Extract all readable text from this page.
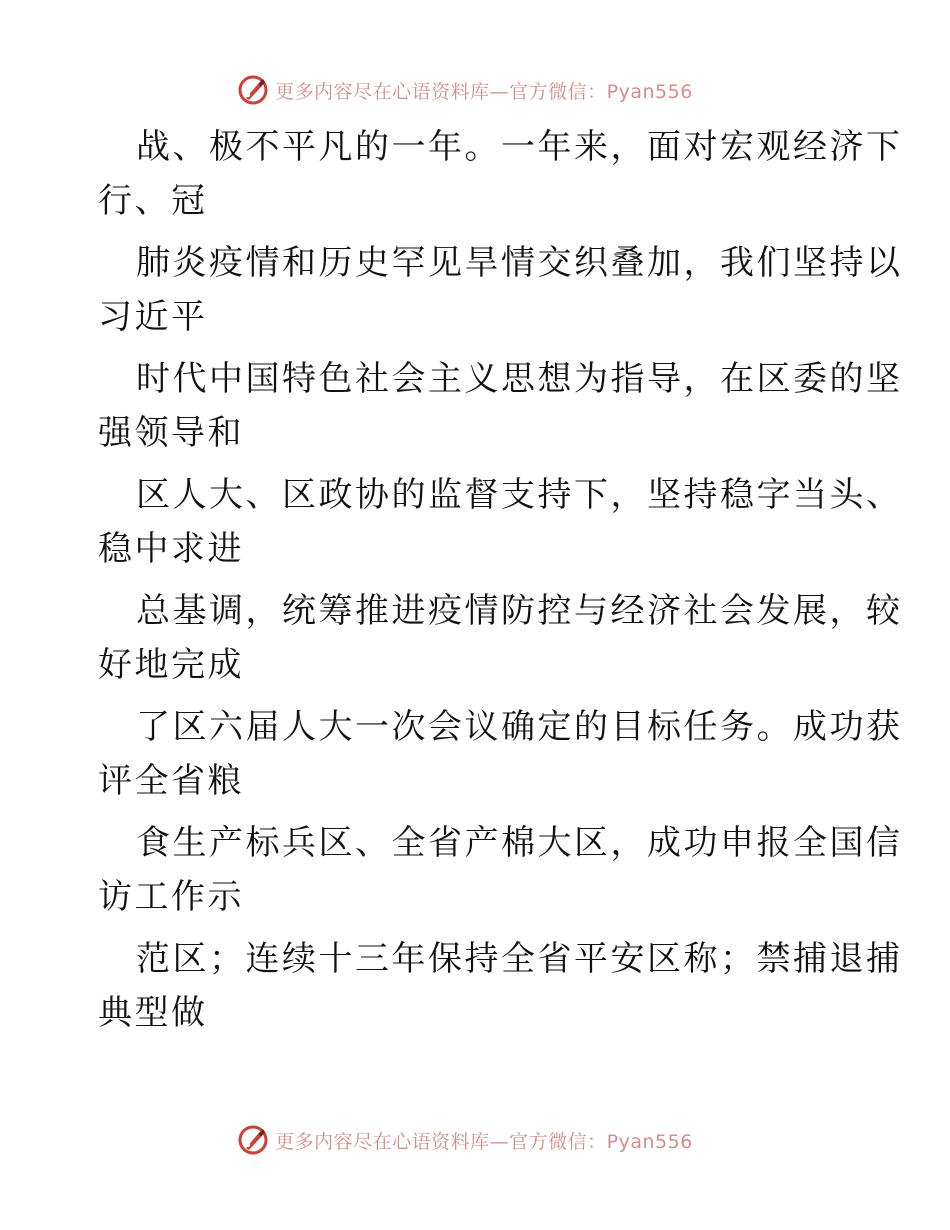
更多内容尽在心语资料库—官方微信：Pyan556

战、极不平凡的一年。一年来，面对宏观经济下
行、冠

肺炎疫情和历史罕见旱情交织叠加，我们坚持以
习近平

时代中国特色社会主义思想为指导，在区委的坚
强领导和

区人大、区政协的监督支持下，坚持稳字当头、
稳中求进

总基调，统筹推进疫情防控与经济社会发展，较
好地完成

了区六届人大一次会议确定的目标任务。成功获
评全省粮

食生产标兵区、全省产棉大区，成功申报全国信
访工作示

范区；连续十三年保持全省平安区称；禁捕退捕
典型做

更多内容尽在心语资料库—官方微信：Pyan556
